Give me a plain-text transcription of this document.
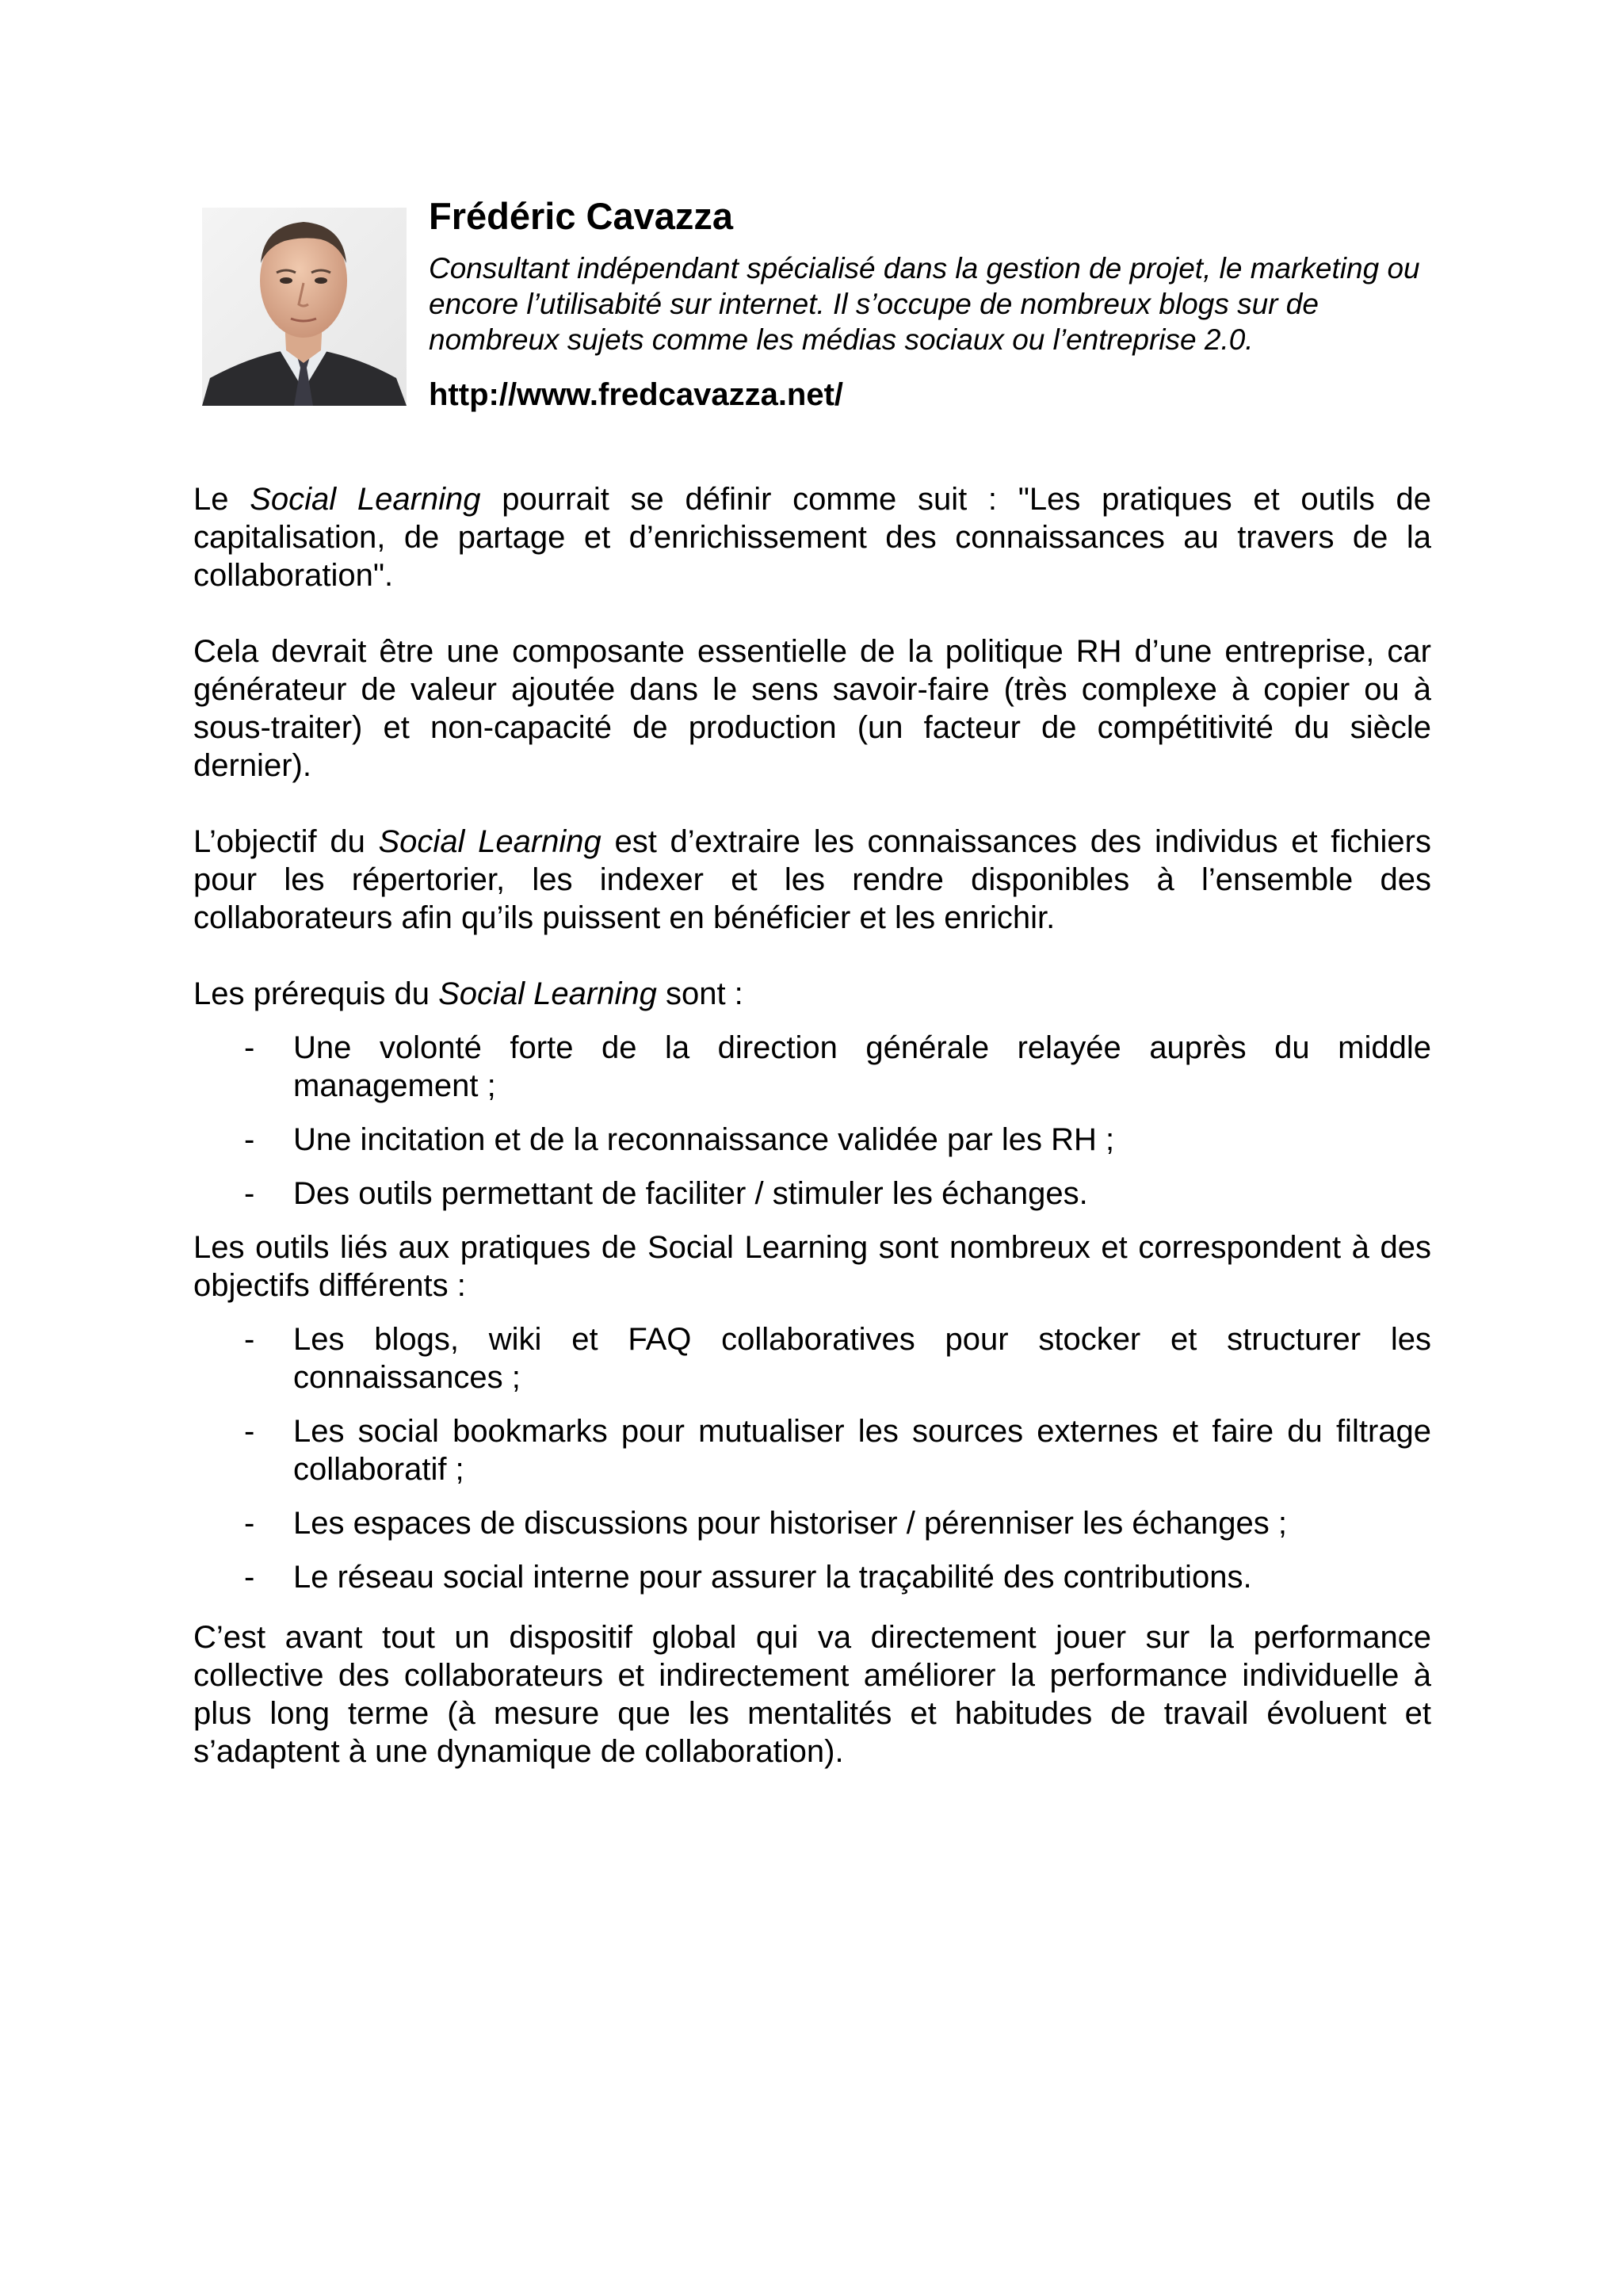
Frédéric Cavazza

Consultant indépendant spécialisé dans la gestion de projet, le marketing ou encore l’utilisabité sur internet. Il s’occupe de nombreux blogs sur de nombreux sujets comme les médias sociaux ou l’entreprise 2.0.

http://www.fredcavazza.net/

Le Social Learning pourrait se définir comme suit : "Les pratiques et outils de capitalisation, de partage et d’enrichissement des connaissances au travers de la collaboration".

Cela devrait être une composante essentielle de la politique RH d’une entreprise, car générateur de valeur ajoutée dans le sens savoir-faire (très complexe à copier ou à sous-traiter) et non-capacité de production (un facteur de compétitivité du siècle dernier).

L’objectif du Social Learning est d’extraire les connaissances des individus et fichiers pour les répertorier, les indexer et les rendre disponibles à l’ensemble des collaborateurs afin qu’ils puissent en bénéficier et les enrichir.

Les prérequis du Social Learning sont :

- Une volonté forte de la direction générale relayée auprès du middle management ;
- Une incitation et de la reconnaissance validée par les RH ;
- Des outils permettant de faciliter / stimuler les échanges.

Les outils liés aux pratiques de Social Learning sont nombreux et correspondent à des objectifs différents :

- Les blogs, wiki et FAQ collaboratives pour stocker et structurer les connaissances ;
- Les social bookmarks pour mutualiser les sources externes et faire du filtrage collaboratif ;
- Les espaces de discussions pour historiser / pérenniser les échanges ;
- Le réseau social interne pour assurer la traçabilité des contributions.

C’est avant tout un dispositif global qui va directement jouer sur la performance collective des collaborateurs et indirectement améliorer la performance individuelle à plus long terme (à mesure que les mentalités et habitudes de travail évoluent et s’adaptent à une dynamique de collaboration).
